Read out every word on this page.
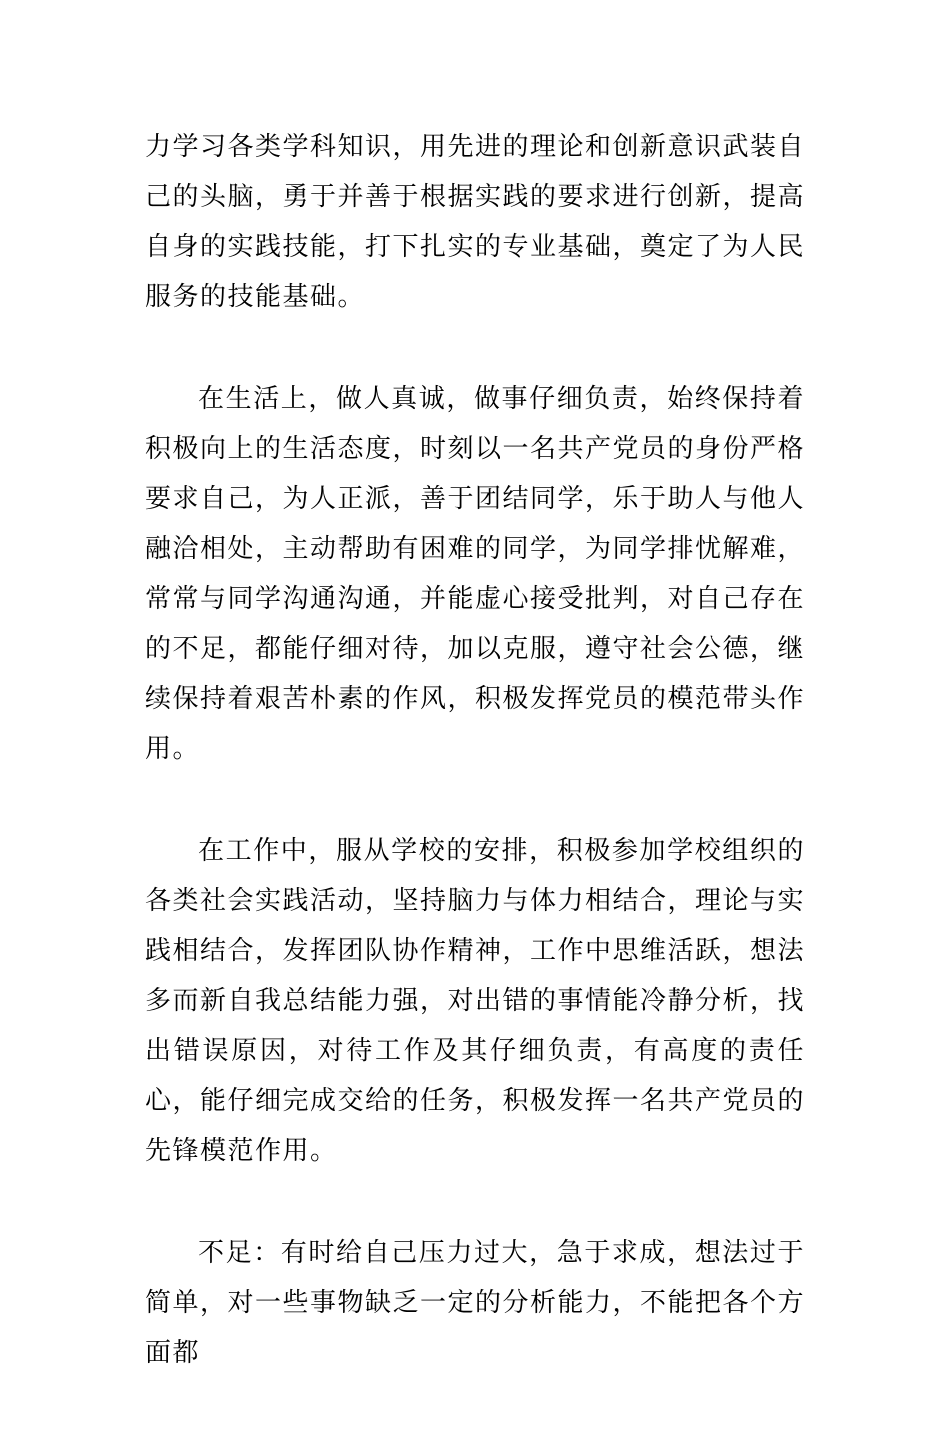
力学习各类学科知识，用先进的理论和创新意识武装自己的头脑，勇于并善于根据实践的要求进行创新，提高自身的实践技能，打下扎实的专业基础，奠定了为人民服务的技能基础。

在生活上，做人真诚，做事仔细负责，始终保持着积极向上的生活态度，时刻以一名共产党员的身份严格要求自己，为人正派，善于团结同学，乐于助人与他人融洽相处，主动帮助有困难的同学，为同学排忧解难，常常与同学沟通沟通，并能虚心接受批判，对自己存在的不足，都能仔细对待，加以克服，遵守社会公德，继续保持着艰苦朴素的作风，积极发挥党员的模范带头作用。

在工作中，服从学校的安排，积极参加学校组织的各类社会实践活动，坚持脑力与体力相结合，理论与实践相结合，发挥团队协作精神，工作中思维活跃，想法多而新自我总结能力强，对出错的事情能冷静分析，找出错误原因，对待工作及其仔细负责，有高度的责任心，能仔细完成交给的任务，积极发挥一名共产党员的先锋模范作用。

不足：有时给自己压力过大，急于求成，想法过于简单，对一些事物缺乏一定的分析能力，不能把各个方面都
